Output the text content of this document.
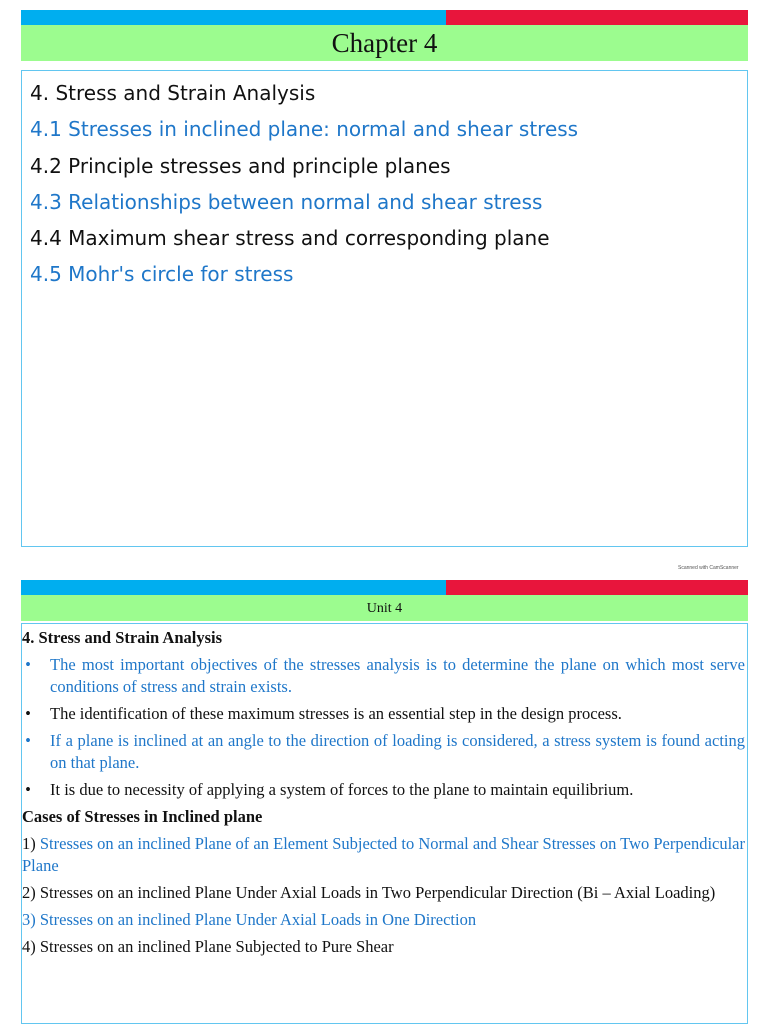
Chapter 4
4. Stress and Strain Analysis
4.1 Stresses in inclined plane: normal and shear stress
4.2 Principle stresses and principle planes
4.3 Relationships between normal and shear stress
4.4 Maximum shear stress and corresponding plane
4.5 Mohr's circle for stress
Scanned with CamScanner
Unit 4
4. Stress and Strain Analysis
• The most important objectives of the stresses analysis is to determine the plane on which most serve conditions of stress and strain exists.
• The identification of these maximum stresses is an essential step in the design process.
• If a plane is inclined at an angle to the direction of loading is considered, a stress system is found acting on that plane.
• It is due to necessity of applying a system of forces to the plane to maintain equilibrium.
Cases of Stresses in Inclined plane
1) Stresses on an inclined Plane of an Element Subjected to Normal and Shear Stresses on Two Perpendicular Plane
2) Stresses on an inclined Plane Under Axial Loads in Two Perpendicular Direction (Bi – Axial Loading)
3) Stresses on an inclined Plane Under Axial Loads in One Direction
4) Stresses on an inclined Plane Subjected to Pure Shear
